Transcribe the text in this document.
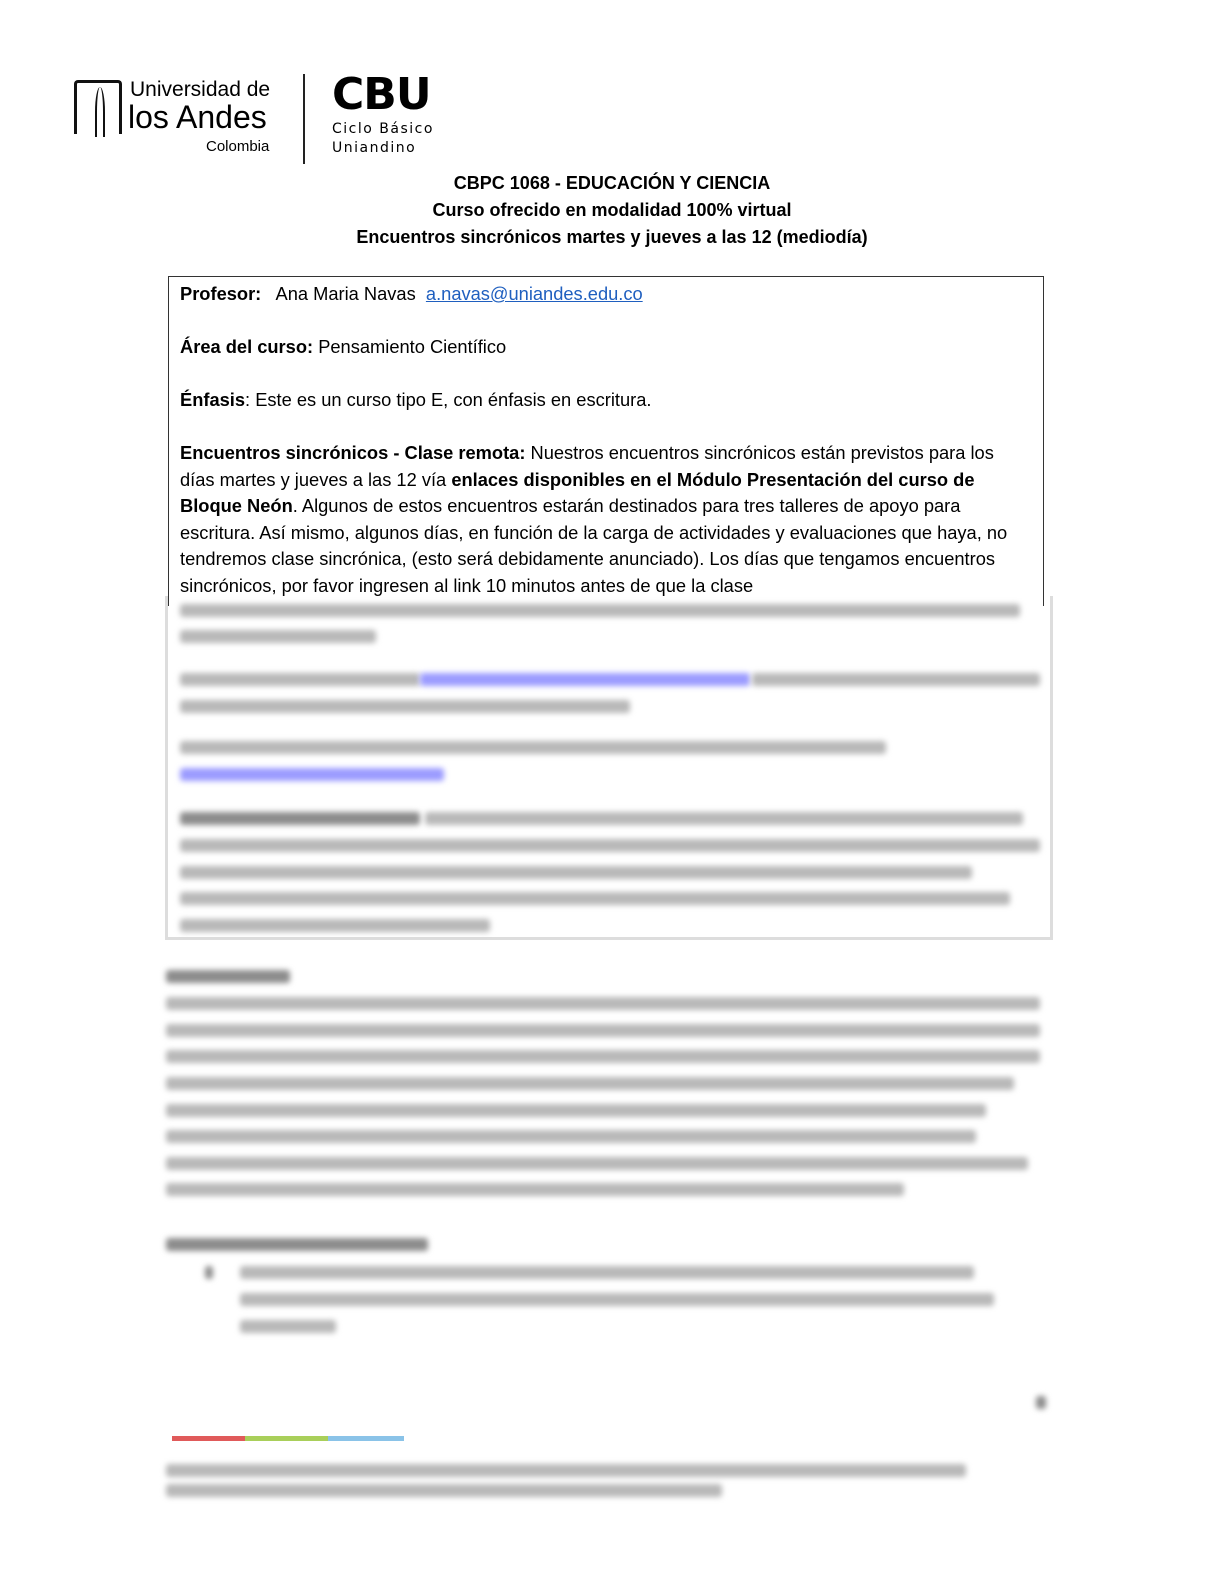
Universidad de
los Andes
Colombia
CBU
Ciclo Básico
Uniandino
CBPC 1068 - EDUCACIÓN Y CIENCIA
Curso ofrecido en modalidad 100% virtual
Encuentros sincrónicos martes y jueves a las 12 (mediodía)

Profesor: Ana Maria Navas a.navas@uniandes.edu.co

Área del curso: Pensamiento Científico

Énfasis: Este es un curso tipo E, con énfasis en escritura.

Encuentros sincrónicos - Clase remota: Nuestros encuentros sincrónicos están previstos para los días martes y jueves a las 12 vía enlaces disponibles en el Módulo Presentación del curso de Bloque Neón. Algunos de estos encuentros estarán destinados para tres talleres de apoyo para escritura. Así mismo, algunos días, en función de la carga de actividades y evaluaciones que haya, no tendremos clase sincrónica, (esto será debidamente anunciado). Los días que tengamos encuentros sincrónicos, por favor ingresen al link 10 minutos antes de que la clase
